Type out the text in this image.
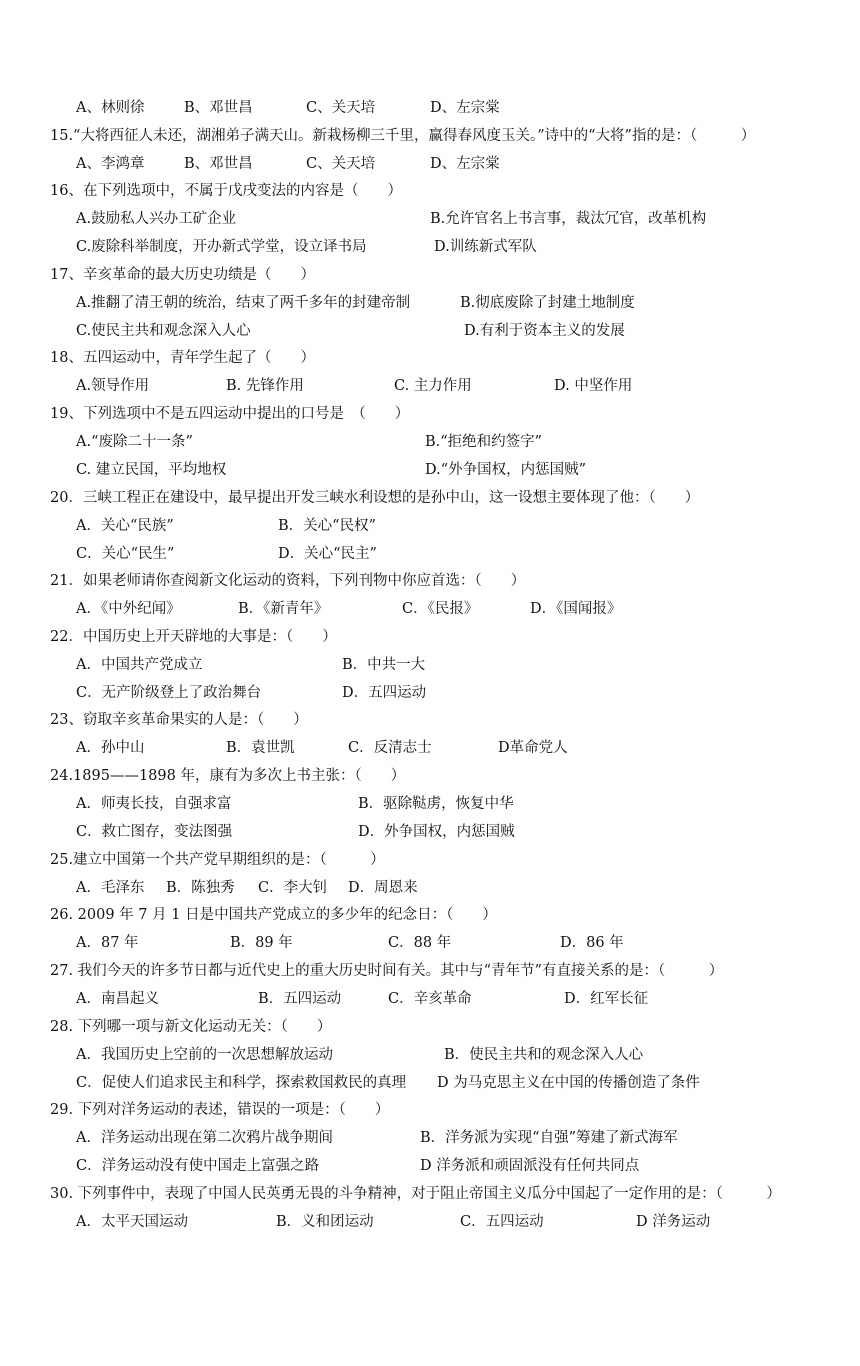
A、林则徐	B、邓世昌	C、关天培	D、左宗棠
15.“大将西征人未还，湖湘弟子满天山。新栽杨柳三千里，赢得春风度玉关。”诗中的“大将”指的是：（　　　）
A、李鸿章	B、邓世昌	C、关天培	D、左宗棠
16、在下列选项中，不属于戊戌变法的内容是（　　）
A.鼓励私人兴办工矿企业	B.允许官名上书言事，裁汰冗官，改革机构
C.废除科举制度，开办新式学堂，设立译书局	D.训练新式军队
17、辛亥革命的最大历史功绩是（　　）
A.推翻了清王朝的统治，结束了两千多年的封建帝制	B.彻底废除了封建土地制度
C.使民主共和观念深入人心	D.有利于资本主义的发展
18、五四运动中，青年学生起了（　　）
A.领导作用	B. 先锋作用	C. 主力作用	D. 中坚作用
19、下列选项中不是五四运动中提出的口号是　（　　）
A.“废除二十一条”	B.“拒绝和约签字”
C. 建立民国，平均地权	D.“外争国权，内惩国贼”
20．三峡工程正在建设中，最早提出开发三峡水利设想的是孙中山，这一设想主要体现了他：（　　）
A．关心“民族”	B．关心“民权”
C．关心“民生”	D．关心“民主”
21．如果老师请你查阅新文化运动的资料，下列刊物中你应首选：（　　）
A．《中外纪闻》	B．《新青年》	C．《民报》	D．《国闻报》
22．中国历史上开天辟地的大事是：（　　）
A．中国共产党成立	B．中共一大
C．无产阶级登上了政治舞台	D．五四运动
23、窃取辛亥革命果实的人是：（　　）
A．孙中山	B．袁世凯	C．反清志士	D革命党人
24.1895——1898 年，康有为多次上书主张：（　　）
A．师夷长技，自强求富	B．驱除鞑虏，恢复中华
C．救亡图存，变法图强	D．外争国权，内惩国贼
25.建立中国第一个共产党早期组织的是：（　　　）
A．毛泽东 B．陈独秀 C．李大钊 D．周恩来
26. 2009 年 7 月 1 日是中国共产党成立的多少年的纪念日：（　　）
A．87 年	B．89 年	C．88 年	D．86 年
27. 我们今天的许多节日都与近代史上的重大历史时间有关。其中与“青年节”有直接关系的是：（　　　）
A．南昌起义	B．五四运动	C．辛亥革命	D．红军长征
28. 下列哪一项与新文化运动无关：（　　）
A．我国历史上空前的一次思想解放运动	B．使民主共和的观念深入人心
C．促使人们追求民主和科学，探索救国救民的真理 D 为马克思主义在中国的传播创造了条件
29. 下列对洋务运动的表述，错误的一项是：（　　）
A．洋务运动出现在第二次鸦片战争期间	B．洋务派为实现“自强”筹建了新式海军
C．洋务运动没有使中国走上富强之路	D 洋务派和顽固派没有任何共同点
30. 下列事件中，表现了中国人民英勇无畏的斗争精神，对于阻止帝国主义瓜分中国起了一定作用的是：（　　　）
A．太平天国运动	B．义和团运动	C．五四运动	D 洋务运动
